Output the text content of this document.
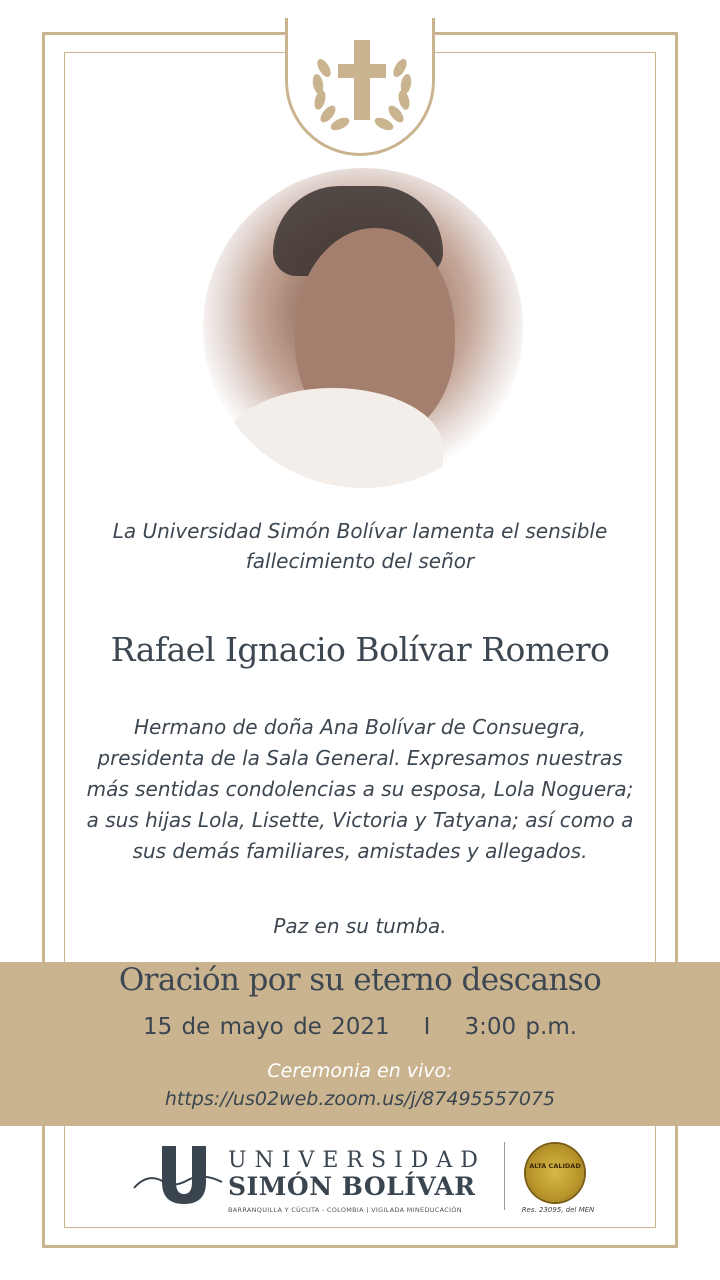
La Universidad Simón Bolívar lamenta el sensible fallecimiento del señor
Rafael Ignacio Bolívar Romero
Hermano de doña Ana Bolívar de Consuegra, presidenta de la Sala General. Expresamos nuestras más sentidas condolencias a su esposa, Lola Noguera; a sus hijas Lola, Lisette, Victoria y Tatyana; así como a sus demás familiares, amistades y allegados.
Paz en su tumba.
Oración por su eterno descanso
15 de mayo de 2021 I 3:00 p.m.
Ceremonia en vivo:
https://us02web.zoom.us/j/87495557075
UNIVERSIDAD
SIMÓN BOLÍVAR
BARRANQUILLA Y CÚCUTA - COLOMBIA | VIGILADA MINEDUCACIÓN
ALTA CALIDAD
Res. 23095, del MEN
